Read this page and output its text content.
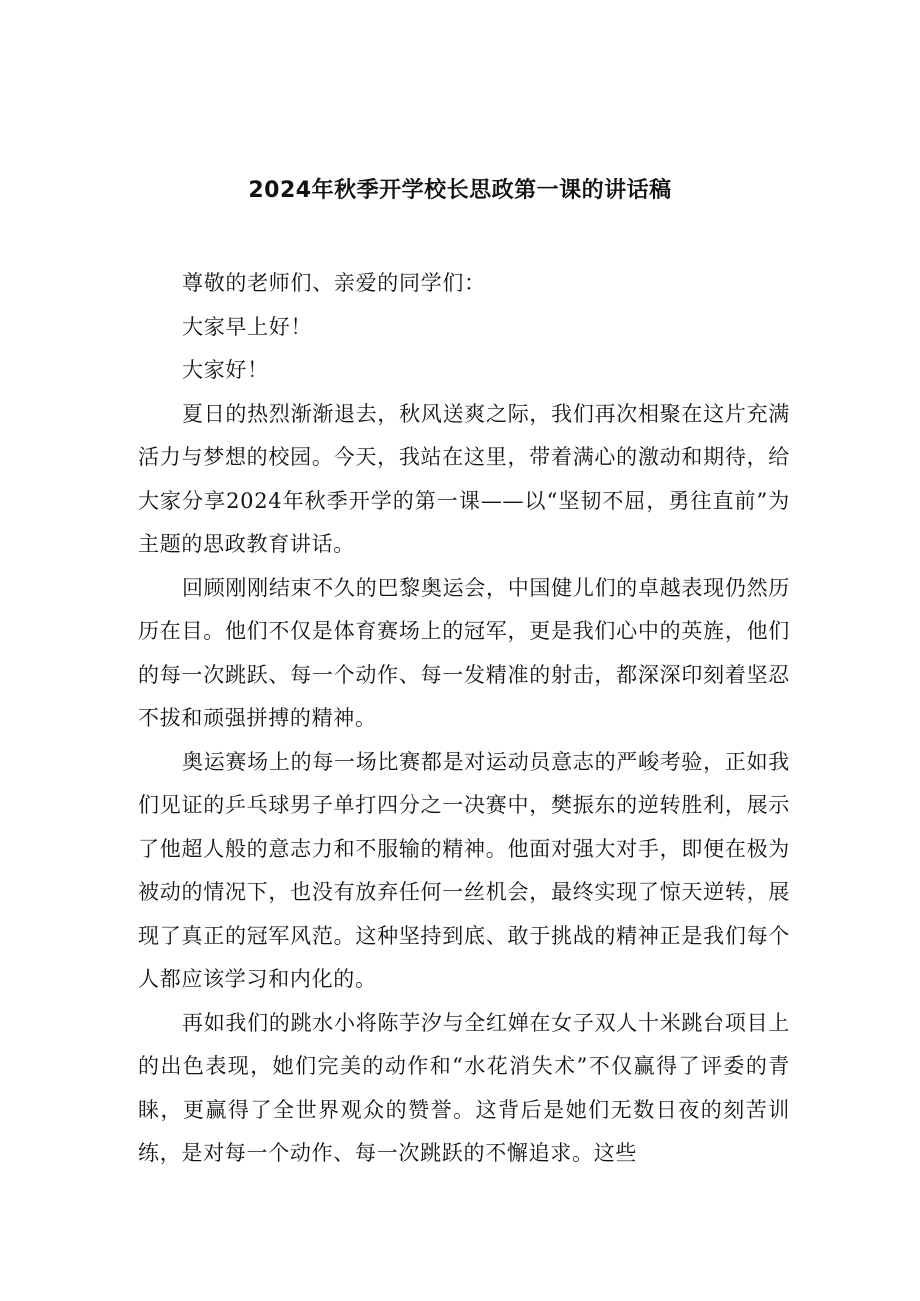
2024年秋季开学校长思政第一课的讲话稿

尊敬的老师们、亲爱的同学们：

大家早上好！

大家好！

夏日的热烈渐渐退去，秋风送爽之际，我们再次相聚在这片充满活力与梦想的校园。今天，我站在这里，带着满心的激动和期待，给大家分享2024年秋季开学的第一课——以“坚韧不屈，勇往直前”为主题的思政教育讲话。

回顾刚刚结束不久的巴黎奥运会，中国健儿们的卓越表现仍然历历在目。他们不仅是体育赛场上的冠军，更是我们心中的英旌，他们的每一次跳跃、每一个动作、每一发精准的射击，都深深印刻着坚忍不拔和顽强拼搏的精神。

奥运赛场上的每一场比赛都是对运动员意志的严峻考验，正如我们见证的乒乓球男子单打四分之一决赛中，樊振东的逆转胜利，展示了他超人般的意志力和不服输的精神。他面对强大对手，即便在极为被动的情况下，也没有放弃任何一丝机会，最终实现了惊天逆转，展现了真正的冠军风范。这种坚持到底、敢于挑战的精神正是我们每个人都应该学习和内化的。

再如我们的跳水小将陈芋汐与全红婵在女子双人十米跳台项目上的出色表现，她们完美的动作和“水花消失术”不仅赢得了评委的青睐，更赢得了全世界观众的赞誉。这背后是她们无数日夜的刻苦训练，是对每一个动作、每一次跳跃的不懈追求。这些
